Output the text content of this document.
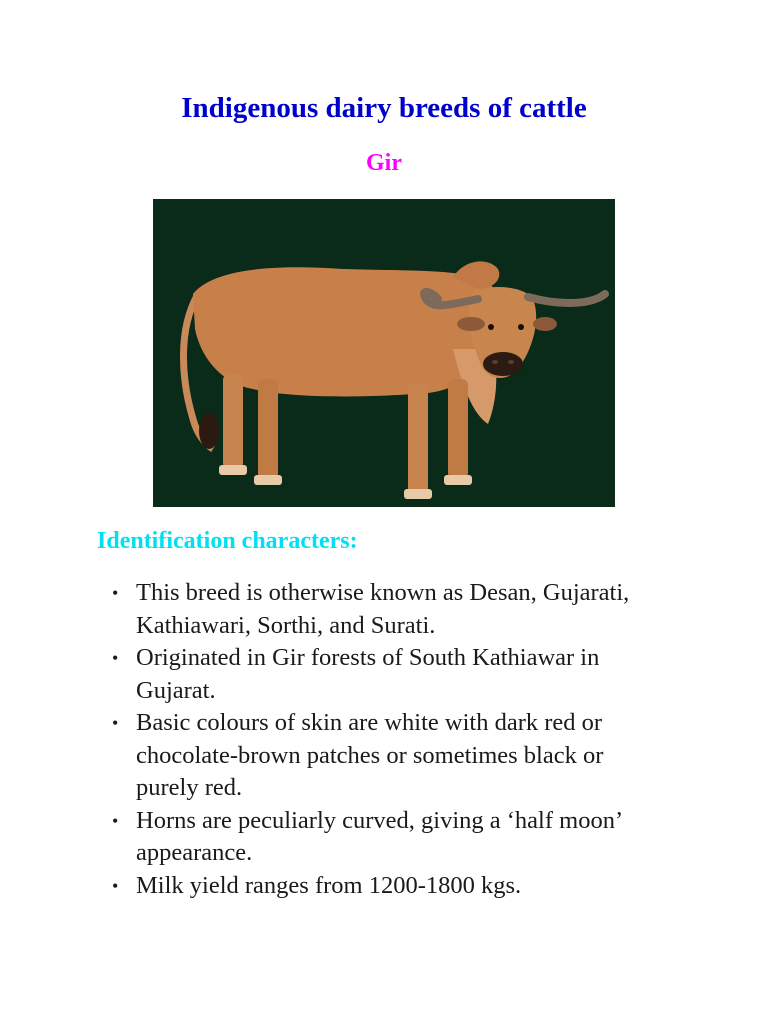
Indigenous dairy breeds of cattle
Gir
Identification characters:
• This breed is otherwise known as Desan, Gujarati, Kathiawari, Sorthi, and Surati.
• Originated in Gir forests of South Kathiawar in Gujarat.
• Basic colours of skin are white with dark red or chocolate-brown patches or sometimes black or purely red.
• Horns are peculiarly curved, giving a ‘half moon’ appearance.
• Milk yield ranges from 1200-1800 kgs.
